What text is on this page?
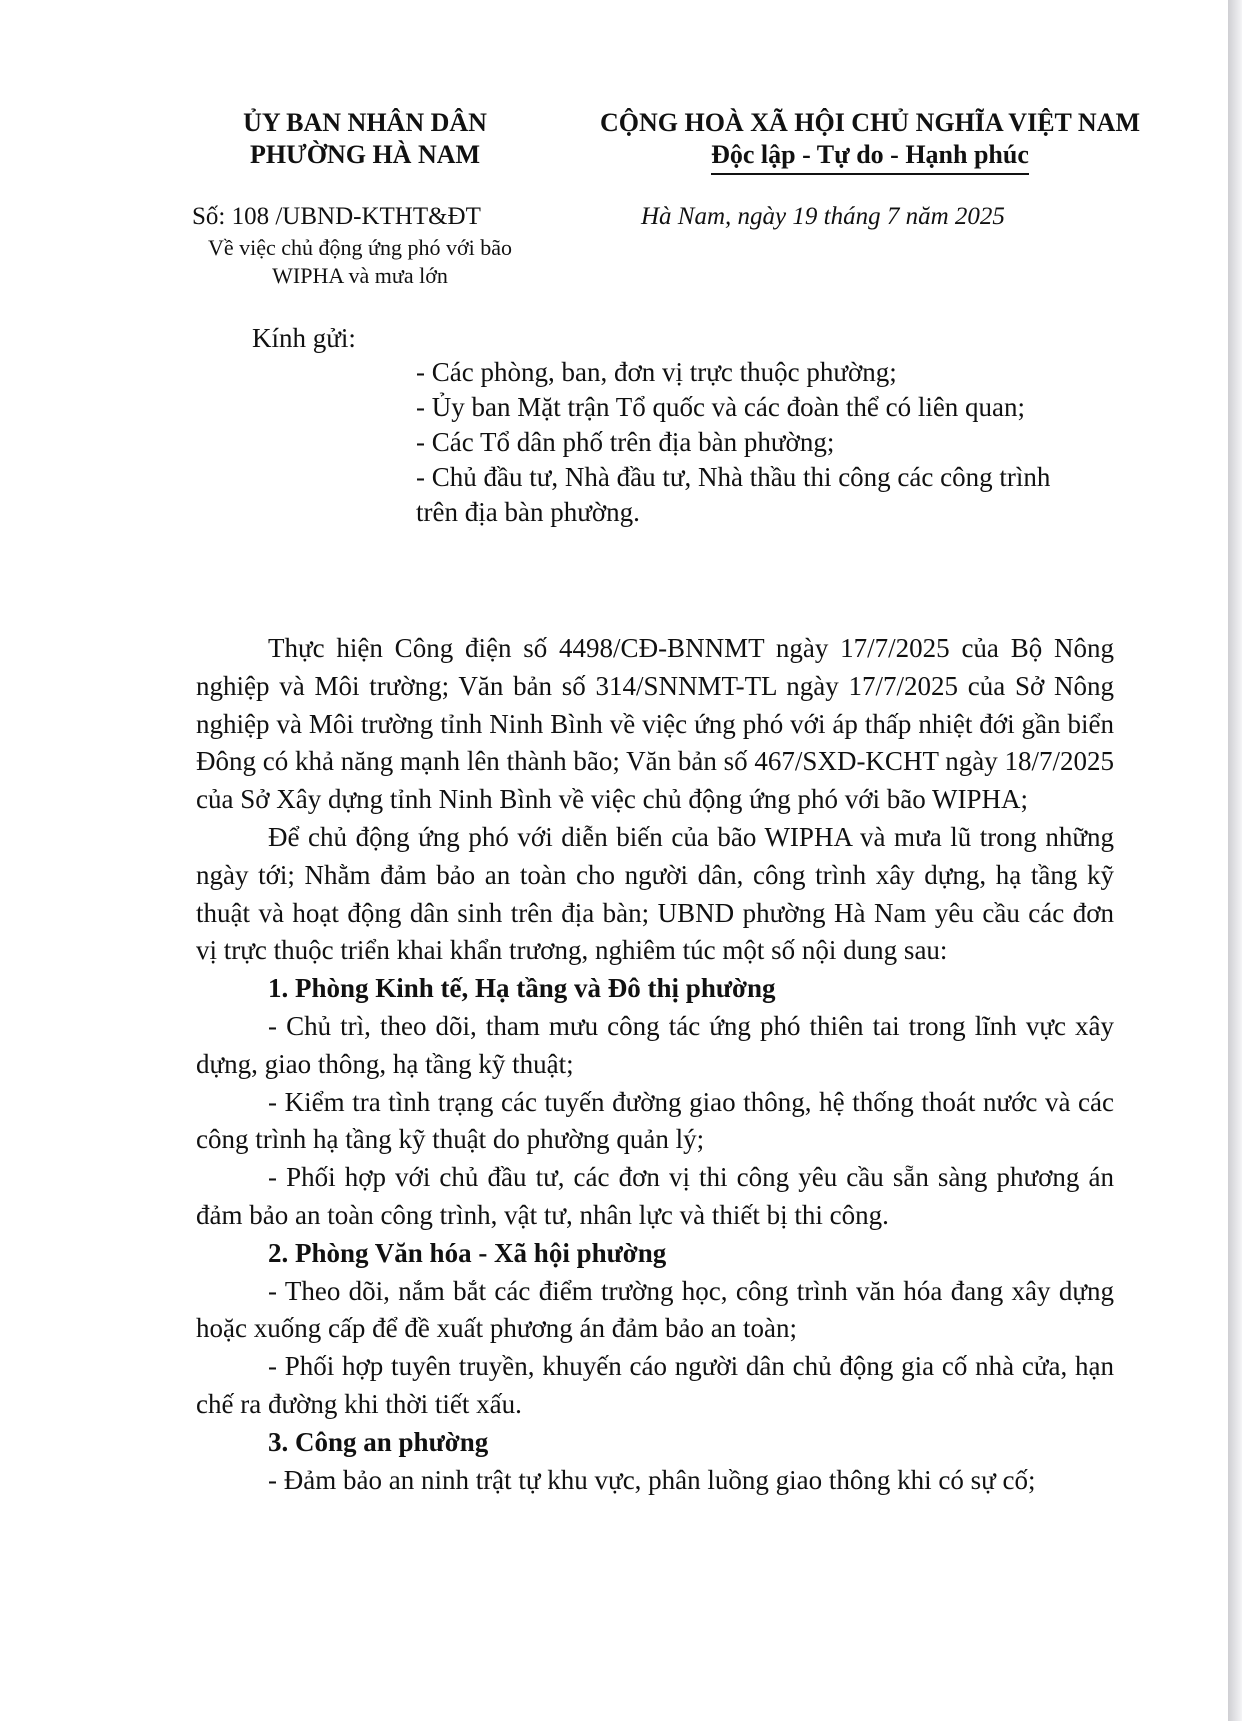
ỦY BAN NHÂN DÂN
PHƯỜNG HÀ NAM
CỘNG HOÀ XÃ HỘI CHỦ NGHĨA VIỆT NAM
Độc lập - Tự do - Hạnh phúc
Số: 108 /UBND-KTHT&ĐT	Hà Nam, ngày 19 tháng 7 năm 2025
Về việc chủ động ứng phó với bão
WIPHA và mưa lớn
Kính gửi:
- Các phòng, ban, đơn vị trực thuộc phường;
- Ủy ban Mặt trận Tổ quốc và các đoàn thể có liên quan;
- Các Tổ dân phố trên địa bàn phường;
- Chủ đầu tư, Nhà đầu tư, Nhà thầu thi công các công trình trên địa bàn phường.

Thực hiện Công điện số 4498/CĐ-BNNMT ngày 17/7/2025 của Bộ Nông nghiệp và Môi trường; Văn bản số 314/SNNMT-TL ngày 17/7/2025 của Sở Nông nghiệp và Môi trường tỉnh Ninh Bình về việc ứng phó với áp thấp nhiệt đới gần biển Đông có khả năng mạnh lên thành bão; Văn bản số 467/SXD-KCHT ngày 18/7/2025 của Sở Xây dựng tỉnh Ninh Bình về việc chủ động ứng phó với bão WIPHA;

Để chủ động ứng phó với diễn biến của bão WIPHA và mưa lũ trong những ngày tới; Nhằm đảm bảo an toàn cho người dân, công trình xây dựng, hạ tầng kỹ thuật và hoạt động dân sinh trên địa bàn; UBND phường Hà Nam yêu cầu các đơn vị trực thuộc triển khai khẩn trương, nghiêm túc một số nội dung sau:

1. Phòng Kinh tế, Hạ tầng và Đô thị phường

- Chủ trì, theo dõi, tham mưu công tác ứng phó thiên tai trong lĩnh vực xây dựng, giao thông, hạ tầng kỹ thuật;

- Kiểm tra tình trạng các tuyến đường giao thông, hệ thống thoát nước và các công trình hạ tầng kỹ thuật do phường quản lý;

- Phối hợp với chủ đầu tư, các đơn vị thi công yêu cầu sẵn sàng phương án đảm bảo an toàn công trình, vật tư, nhân lực và thiết bị thi công.

2. Phòng Văn hóa - Xã hội phường

- Theo dõi, nắm bắt các điểm trường học, công trình văn hóa đang xây dựng hoặc xuống cấp để đề xuất phương án đảm bảo an toàn;

- Phối hợp tuyên truyền, khuyến cáo người dân chủ động gia cố nhà cửa, hạn chế ra đường khi thời tiết xấu.

3. Công an phường

- Đảm bảo an ninh trật tự khu vực, phân luồng giao thông khi có sự cố;
